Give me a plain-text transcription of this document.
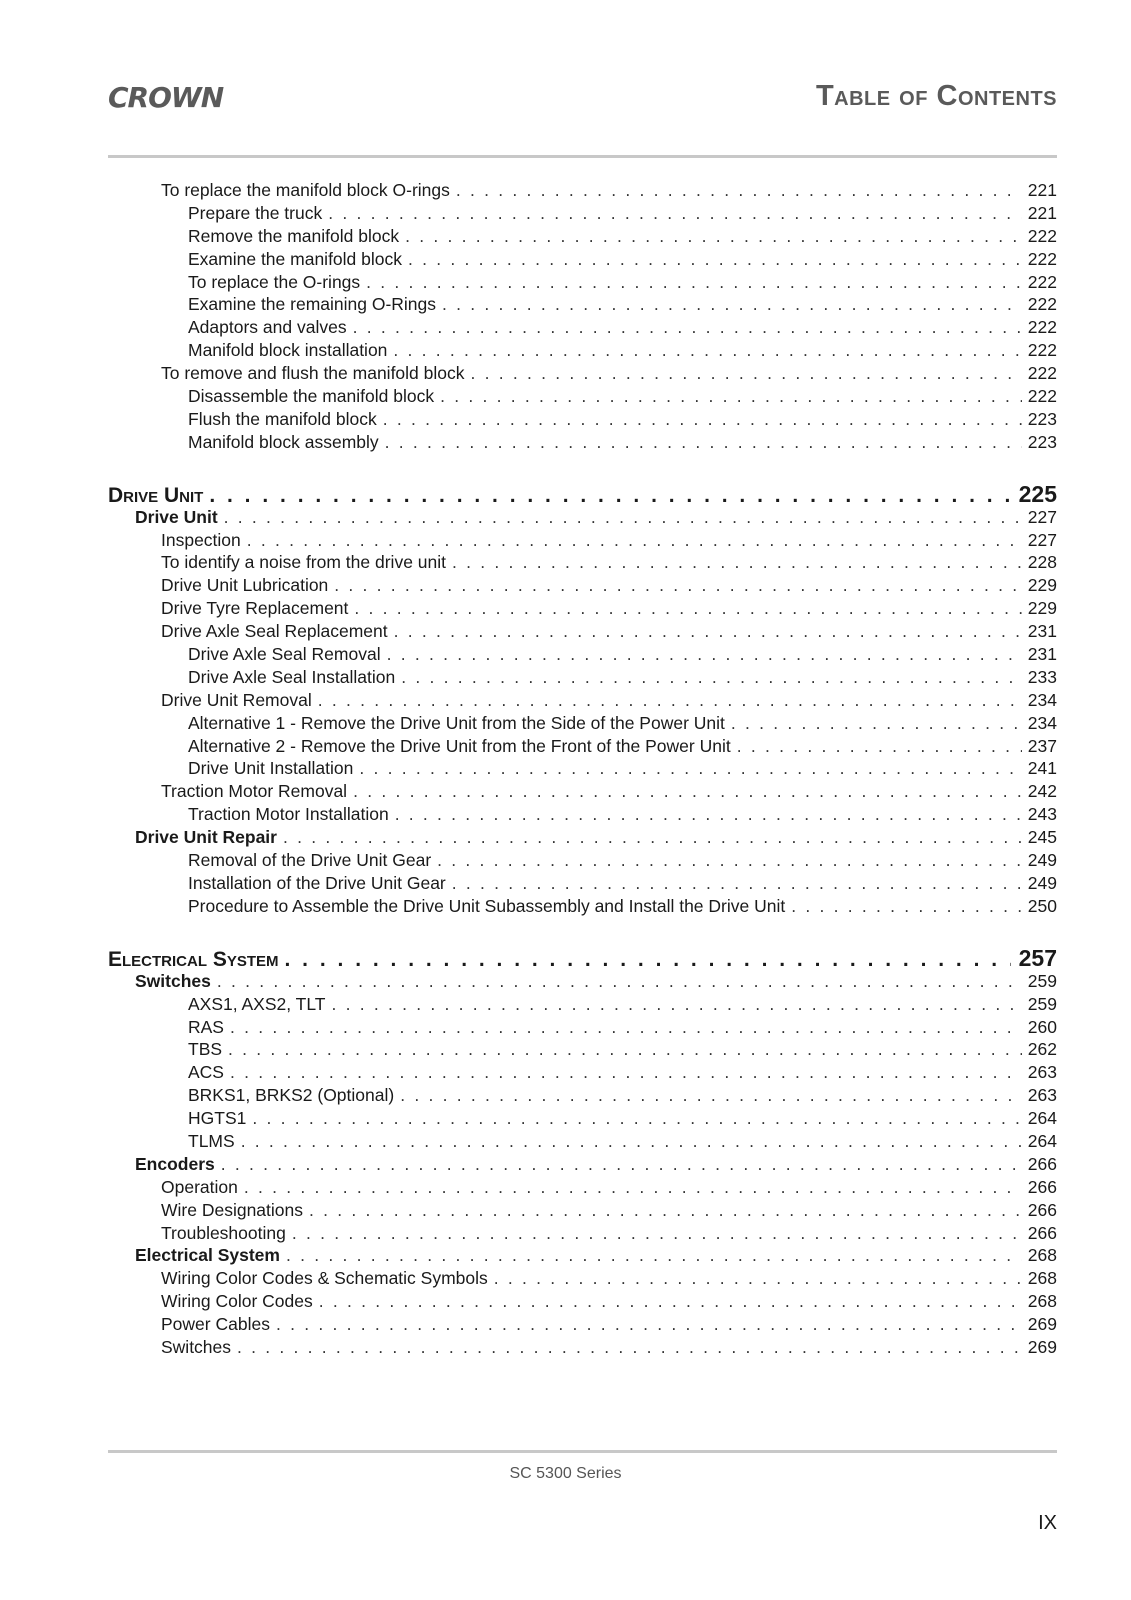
CROWN	Table of Contents
To replace the manifold block O-rings . . .	221
Prepare the truck . . .	221
Remove the manifold block . . .	222
Examine the manifold block . . .	222
To replace the O-rings . . .	222
Examine the remaining O-Rings . . .	222
Adaptors and valves . . .	222
Manifold block installation . . .	222
To remove and flush the manifold block . . .	222
Disassemble the manifold block . . .	222
Flush the manifold block . . .	223
Manifold block assembly . . .	223
Drive Unit . . .	225
Drive Unit . . .	227
Inspection . . .	227
To identify a noise from the drive unit . . .	228
Drive Unit Lubrication . . .	229
Drive Tyre Replacement . . .	229
Drive Axle Seal Replacement . . .	231
Drive Axle Seal Removal . . .	231
Drive Axle Seal Installation . . .	233
Drive Unit Removal . . .	234
Alternative 1 - Remove the Drive Unit from the Side of the Power Unit . . .	234
Alternative 2 - Remove the Drive Unit from the Front of the Power Unit . . .	237
Drive Unit Installation . . .	241
Traction Motor Removal . . .	242
Traction Motor Installation . . .	243
Drive Unit Repair . . .	245
Removal of the Drive Unit Gear . . .	249
Installation of the Drive Unit Gear . . .	249
Procedure to Assemble the Drive Unit Subassembly and Install the Drive Unit . . .	250
Electrical System . . .	257
Switches . . .	259
AXS1, AXS2, TLT . . .	259
RAS . . .	260
TBS . . .	262
ACS . . .	263
BRKS1, BRKS2 (Optional) . . .	263
HGTS1 . . .	264
TLMS . . .	264
Encoders . . .	266
Operation . . .	266
Wire Designations . . .	266
Troubleshooting . . .	266
Electrical System . . .	268
Wiring Color Codes & Schematic Symbols . . .	268
Wiring Color Codes . . .	268
Power Cables . . .	269
Switches . . .	269
SC 5300 Series
IX
